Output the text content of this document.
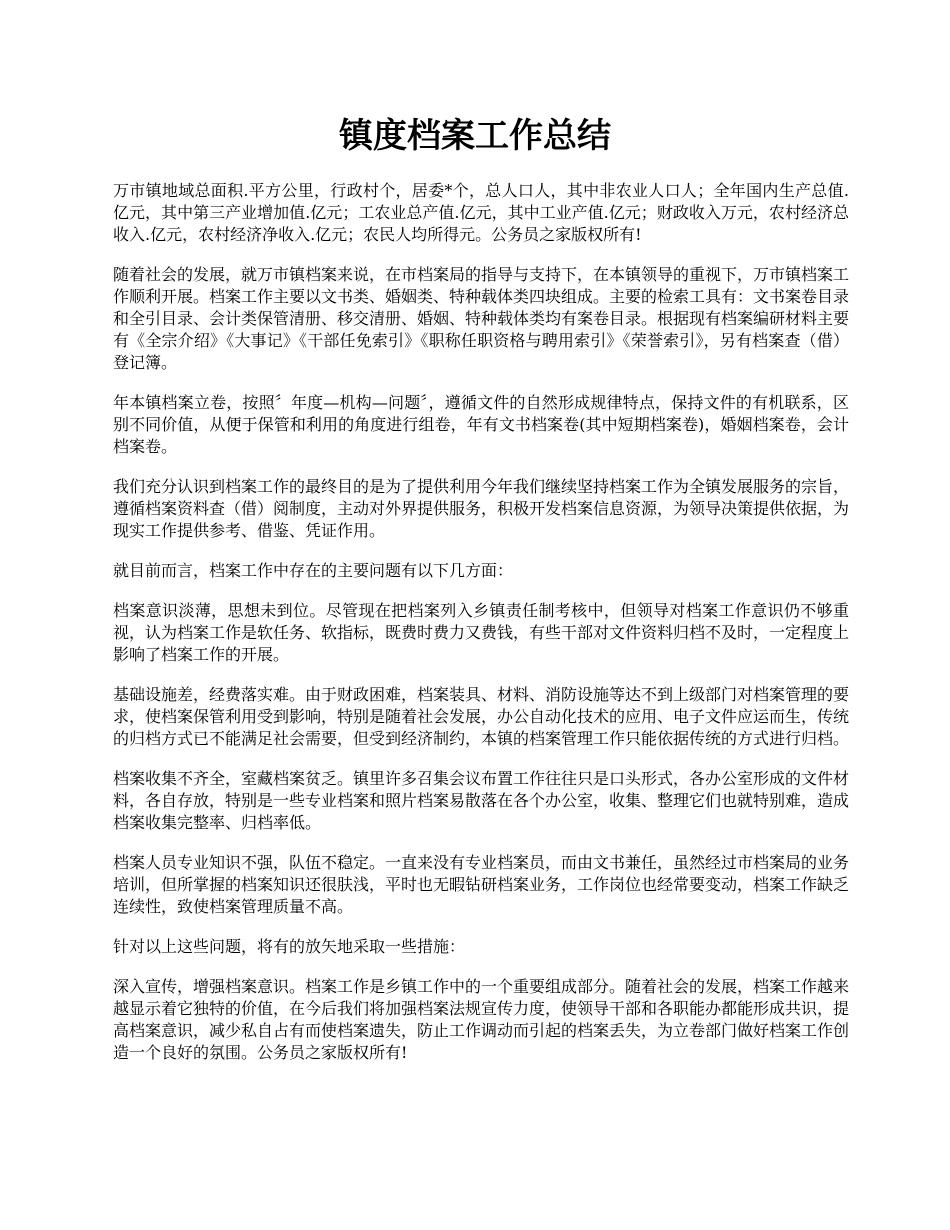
镇度档案工作总结

万市镇地域总面积.平方公里，行政村个，居委*个，总人口人，其中非农业人口人；全年国内生产总值.亿元，其中第三产业增加值.亿元；工农业总产值.亿元，其中工业产值.亿元；财政收入万元，农村经济总收入.亿元，农村经济净收入.亿元；农民人均所得元。公务员之家版权所有!

随着社会的发展，就万市镇档案来说，在市档案局的指导与支持下，在本镇领导的重视下，万市镇档案工作顺利开展。档案工作主要以文书类、婚姻类、特种载体类四块组成。主要的检索工具有：文书案卷目录和全引目录、会计类保管清册、移交清册、婚姻、特种载体类均有案卷目录。根据现有档案编研材料主要有《全宗介绍》《大事记》《干部任免索引》《职称任职资格与聘用索引》《荣誉索引》，另有档案查（借）登记簿。

年本镇档案立卷，按照〞年度—机构—问题〞，遵循文件的自然形成规律特点，保持文件的有机联系，区别不同价值，从便于保管和利用的角度进行组卷，年有文书档案卷(其中短期档案卷)，婚姻档案卷，会计档案卷。

我们充分认识到档案工作的最终目的是为了提供利用今年我们继续坚持档案工作为全镇发展服务的宗旨，遵循档案资料查（借）阅制度，主动对外界提供服务，积极开发档案信息资源，为领导决策提供依据，为现实工作提供参考、借鉴、凭证作用。

就目前而言，档案工作中存在的主要问题有以下几方面：

档案意识淡薄，思想未到位。尽管现在把档案列入乡镇责任制考核中，但领导对档案工作意识仍不够重视，认为档案工作是软任务、软指标，既费时费力又费钱，有些干部对文件资料归档不及时，一定程度上影响了档案工作的开展。

基础设施差，经费落实难。由于财政困难，档案装具、材料、消防设施等达不到上级部门对档案管理的要求，使档案保管利用受到影响，特别是随着社会发展，办公自动化技术的应用、电子文件应运而生，传统的归档方式已不能满足社会需要，但受到经济制约，本镇的档案管理工作只能依据传统的方式进行归档。

档案收集不齐全，室藏档案贫乏。镇里许多召集会议布置工作往往只是口头形式，各办公室形成的文件材料，各自存放，特别是一些专业档案和照片档案易散落在各个办公室，收集、整理它们也就特别难，造成档案收集完整率、归档率低。

档案人员专业知识不强，队伍不稳定。一直来没有专业档案员，而由文书兼任，虽然经过市档案局的业务培训，但所掌握的档案知识还很肤浅，平时也无暇钻研档案业务，工作岗位也经常要变动，档案工作缺乏连续性，致使档案管理质量不高。

针对以上这些问题，将有的放矢地采取一些措施：

深入宣传，增强档案意识。档案工作是乡镇工作中的一个重要组成部分。随着社会的发展，档案工作越来越显示着它独特的价值，在今后我们将加强档案法规宣传力度，使领导干部和各职能办都能形成共识，提高档案意识，减少私自占有而使档案遗失，防止工作调动而引起的档案丢失，为立卷部门做好档案工作创造一个良好的氛围。公务员之家版权所有!
